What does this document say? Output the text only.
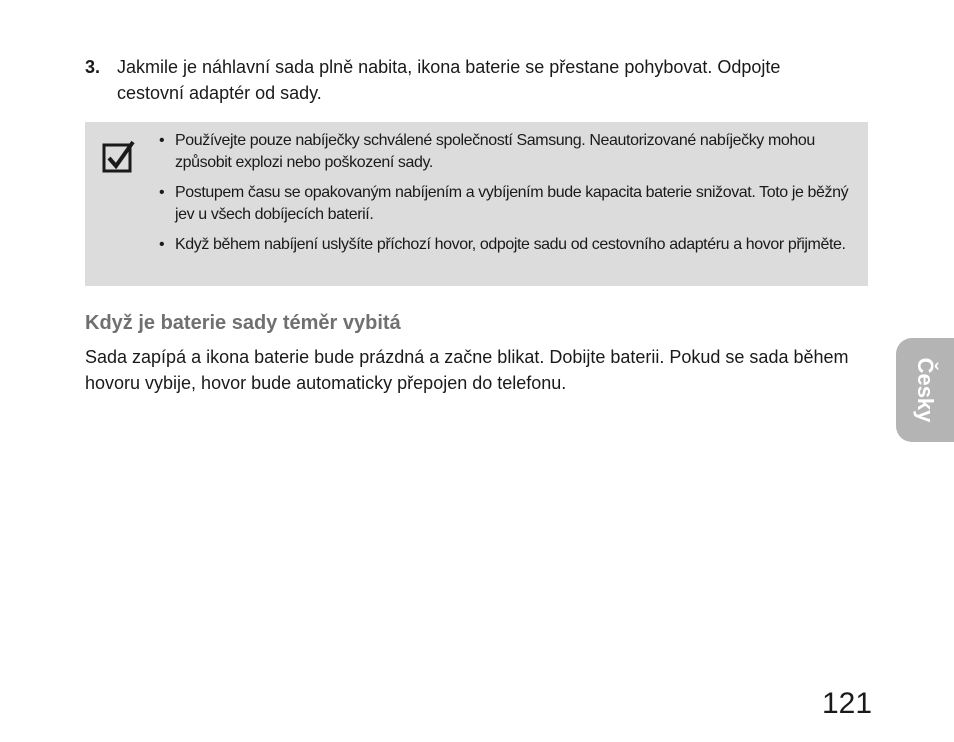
3. Jakmile je náhlavní sada plně nabita, ikona baterie se přestane pohybovat. Odpojte cestovní adaptér od sady.
• Používejte pouze nabíječky schválené společností Samsung. Neautorizované nabíječky mohou způsobit explozi nebo poškození sady.
• Postupem času se opakovaným nabíjením a vybíjením bude kapacita baterie snižovat. Toto je běžný jev u všech dobíjecích baterií.
• Když během nabíjení uslyšíte příchozí hovor, odpojte sadu od cestovního adaptéru a hovor přijměte.
Když je baterie sady téměr vybitá

Sada zapípá a ikona baterie bude prázdná a začne blikat. Dobijte baterii. Pokud se sada během hovoru vybije, hovor bude automaticky přepojen do telefonu.	Česky
121
